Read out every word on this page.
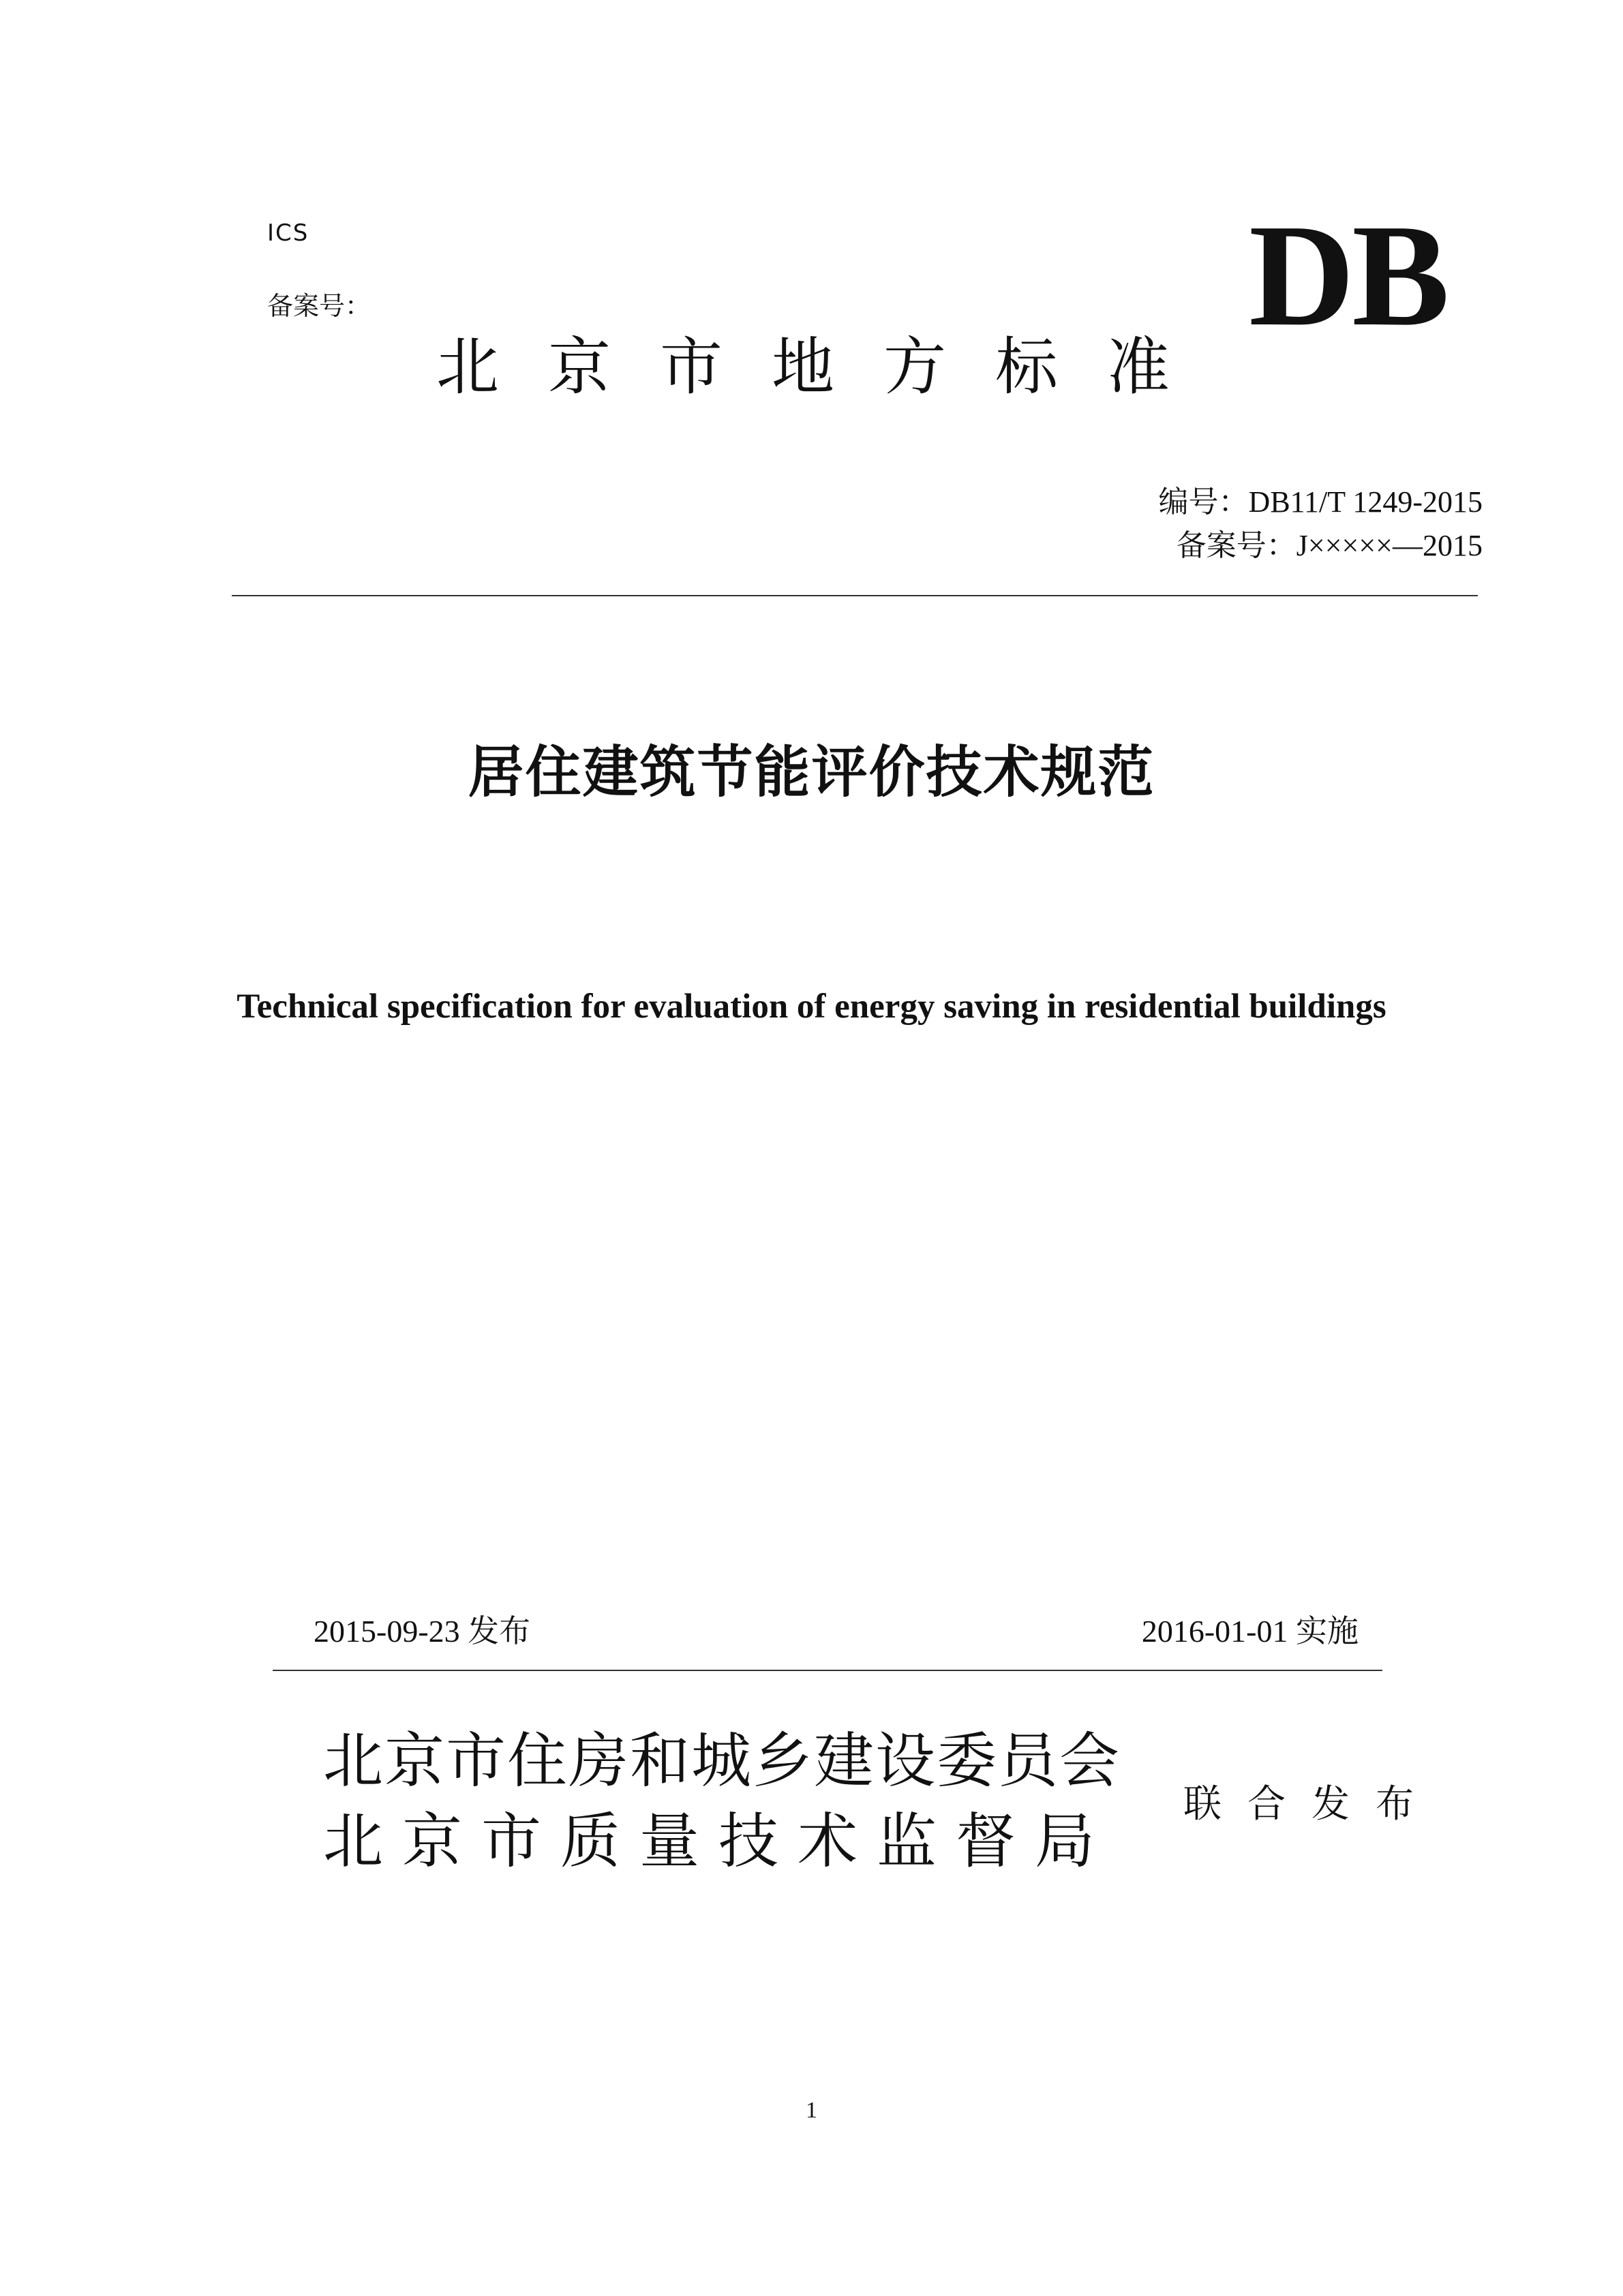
ICS
备案号：	DB
北京市地方标准
编号：DB11/T 1249-2015
备案号：J×××××—2015
居住建筑节能评价技术规范
Technical specification for evaluation of energy saving in residential buildings
2015-09-23 发布	2016-01-01 实施
北京市住房和城乡建设委员会
北京市质量技术监督局
联合发布
1
